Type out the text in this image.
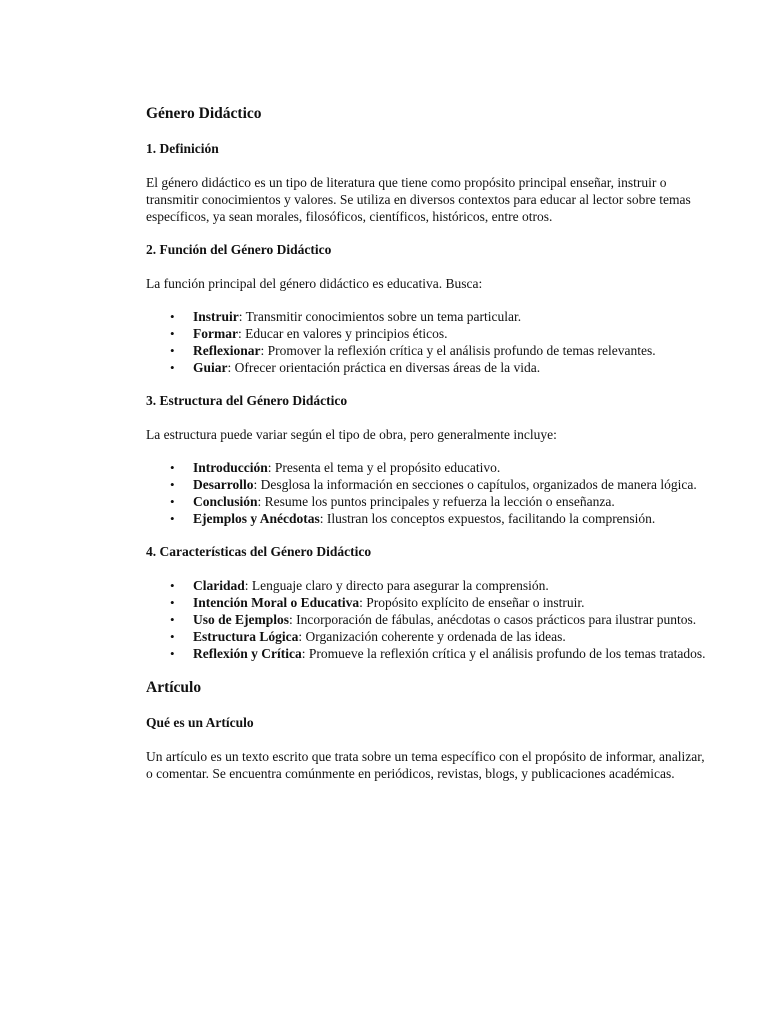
Género Didáctico
1. Definición

El género didáctico es un tipo de literatura que tiene como propósito principal enseñar, instruir o transmitir conocimientos y valores. Se utiliza en diversos contextos para educar al lector sobre temas específicos, ya sean morales, filosóficos, científicos, históricos, entre otros.

2. Función del Género Didáctico

La función principal del género didáctico es educativa. Busca:

• Instruir: Transmitir conocimientos sobre un tema particular.
• Formar: Educar en valores y principios éticos.
• Reflexionar: Promover la reflexión crítica y el análisis profundo de temas relevantes.
• Guiar: Ofrecer orientación práctica en diversas áreas de la vida.
3. Estructura del Género Didáctico

La estructura puede variar según el tipo de obra, pero generalmente incluye:

• Introducción: Presenta el tema y el propósito educativo.
• Desarrollo: Desglosa la información en secciones o capítulos, organizados de manera lógica.
• Conclusión: Resume los puntos principales y refuerza la lección o enseñanza.
• Ejemplos y Anécdotas: Ilustran los conceptos expuestos, facilitando la comprensión.
4. Características del Género Didáctico
• Claridad: Lenguaje claro y directo para asegurar la comprensión.
• Intención Moral o Educativa: Propósito explícito de enseñar o instruir.
• Uso de Ejemplos: Incorporación de fábulas, anécdotas o casos prácticos para ilustrar puntos.
• Estructura Lógica: Organización coherente y ordenada de las ideas.
• Reflexión y Crítica: Promueve la reflexión crítica y el análisis profundo de los temas tratados.
Artículo
Qué es un Artículo

Un artículo es un texto escrito que trata sobre un tema específico con el propósito de informar, analizar, o comentar. Se encuentra comúnmente en periódicos, revistas, blogs, y publicaciones académicas.
